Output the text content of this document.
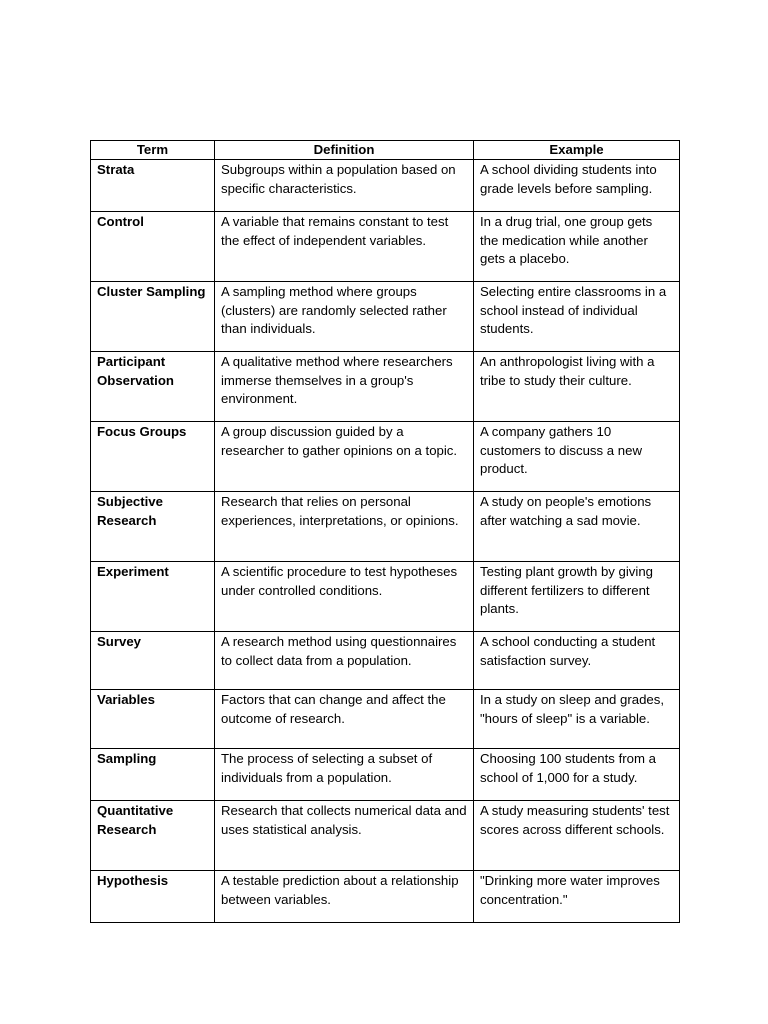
Term	Definition	Example
Strata	Subgroups within a population based on specific characteristics.	A school dividing students into grade levels before sampling.
Control	A variable that remains constant to test the effect of independent variables.	In a drug trial, one group gets the medication while another gets a placebo.
Cluster Sampling	A sampling method where groups (clusters) are randomly selected rather than individuals.	Selecting entire classrooms in a school instead of individual students.
Participant Observation	A qualitative method where researchers immerse themselves in a group's environment.	An anthropologist living with a tribe to study their culture.
Focus Groups	A group discussion guided by a researcher to gather opinions on a topic.	A company gathers 10 customers to discuss a new product.
Subjective Research	Research that relies on personal experiences, interpretations, or opinions.	A study on people's emotions after watching a sad movie.
Experiment	A scientific procedure to test hypotheses under controlled conditions.	Testing plant growth by giving different fertilizers to different plants.
Survey	A research method using questionnaires to collect data from a population.	A school conducting a student satisfaction survey.
Variables	Factors that can change and affect the outcome of research.	In a study on sleep and grades, "hours of sleep" is a variable.
Sampling	The process of selecting a subset of individuals from a population.	Choosing 100 students from a school of 1,000 for a study.
Quantitative Research	Research that collects numerical data and uses statistical analysis.	A study measuring students' test scores across different schools.
Hypothesis	A testable prediction about a relationship between variables.	"Drinking more water improves concentration."
